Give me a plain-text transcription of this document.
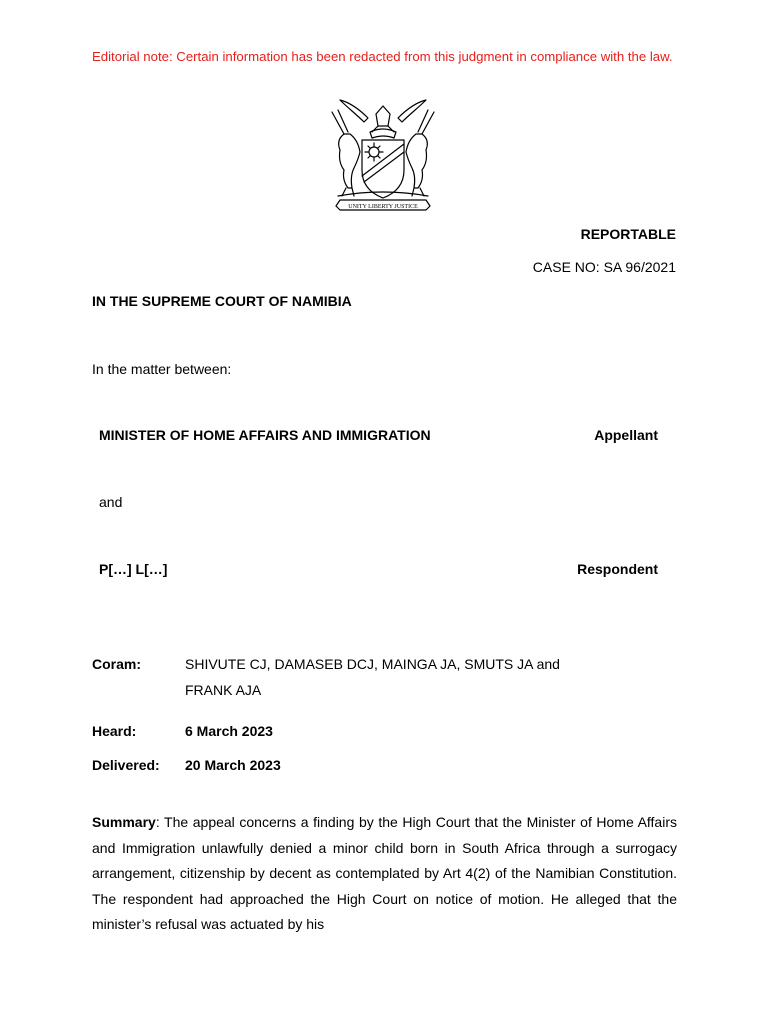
Editorial note: Certain information has been redacted from this judgment in compliance with the law.
UNITY LIBERTY JUSTICE
REPORTABLE
CASE NO: SA 96/2021
IN THE SUPREME COURT OF NAMIBIA
In the matter between:
MINISTER OF HOME AFFAIRS AND IMMIGRATION	Appellant
and
P[…] L[…]	Respondent
Coram:	SHIVUTE CJ, DAMASEB DCJ, MAINGA JA, SMUTS JA and
FRANK AJA
Heard:	6 March 2023
Delivered: 20 March 2023
Summary: The appeal concerns a finding by the High Court that the Minister of Home Affairs and Immigration unlawfully denied a minor child born in South Africa through a surrogacy arrangement, citizenship by decent as contemplated by Art 4(2) of the Namibian Constitution. The respondent had approached the High Court on notice of motion. He alleged that the minister’s refusal was actuated by his
